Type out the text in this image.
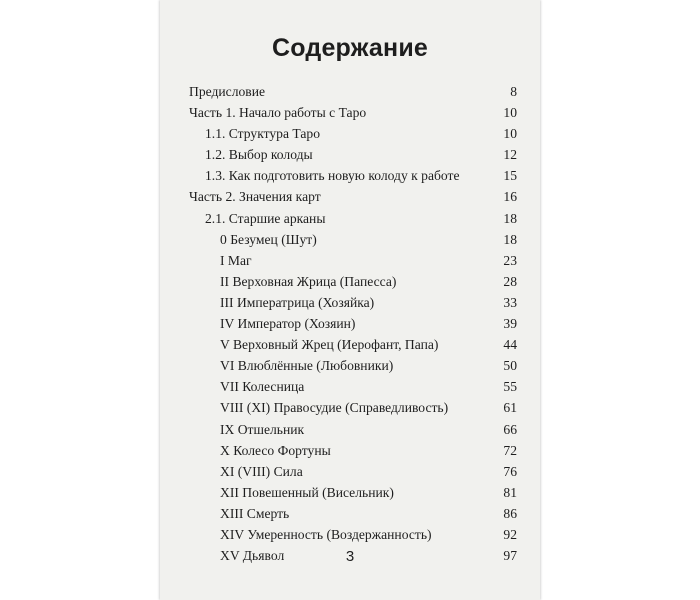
Содержание
Предисловие	8
Часть 1. Начало работы с Таро	10
1.1. Структура Таро	10
1.2. Выбор колоды	12
1.3. Как подготовить новую колоду к работе	15
Часть 2. Значения карт	16
2.1. Старшие арканы	18
0 Безумец (Шут)	18
I Маг	23
II Верховная Жрица (Папесса)	28
III Императрица (Хозяйка)	33
IV Император (Хозяин)	39
V Верховный Жрец (Иерофант, Папа)	44
VI Влюблённые (Любовники)	50
VII Колесница	55
VIII (XI) Правосудие (Справедливость)	61
IX Отшельник	66
X Колесо Фортуны	72
XI (VIII) Сила	76
XII Повешенный (Висельник)	81
XIII Смерть	86
XIV Умеренность (Воздержанность)	92
XV Дьявол	97
3
